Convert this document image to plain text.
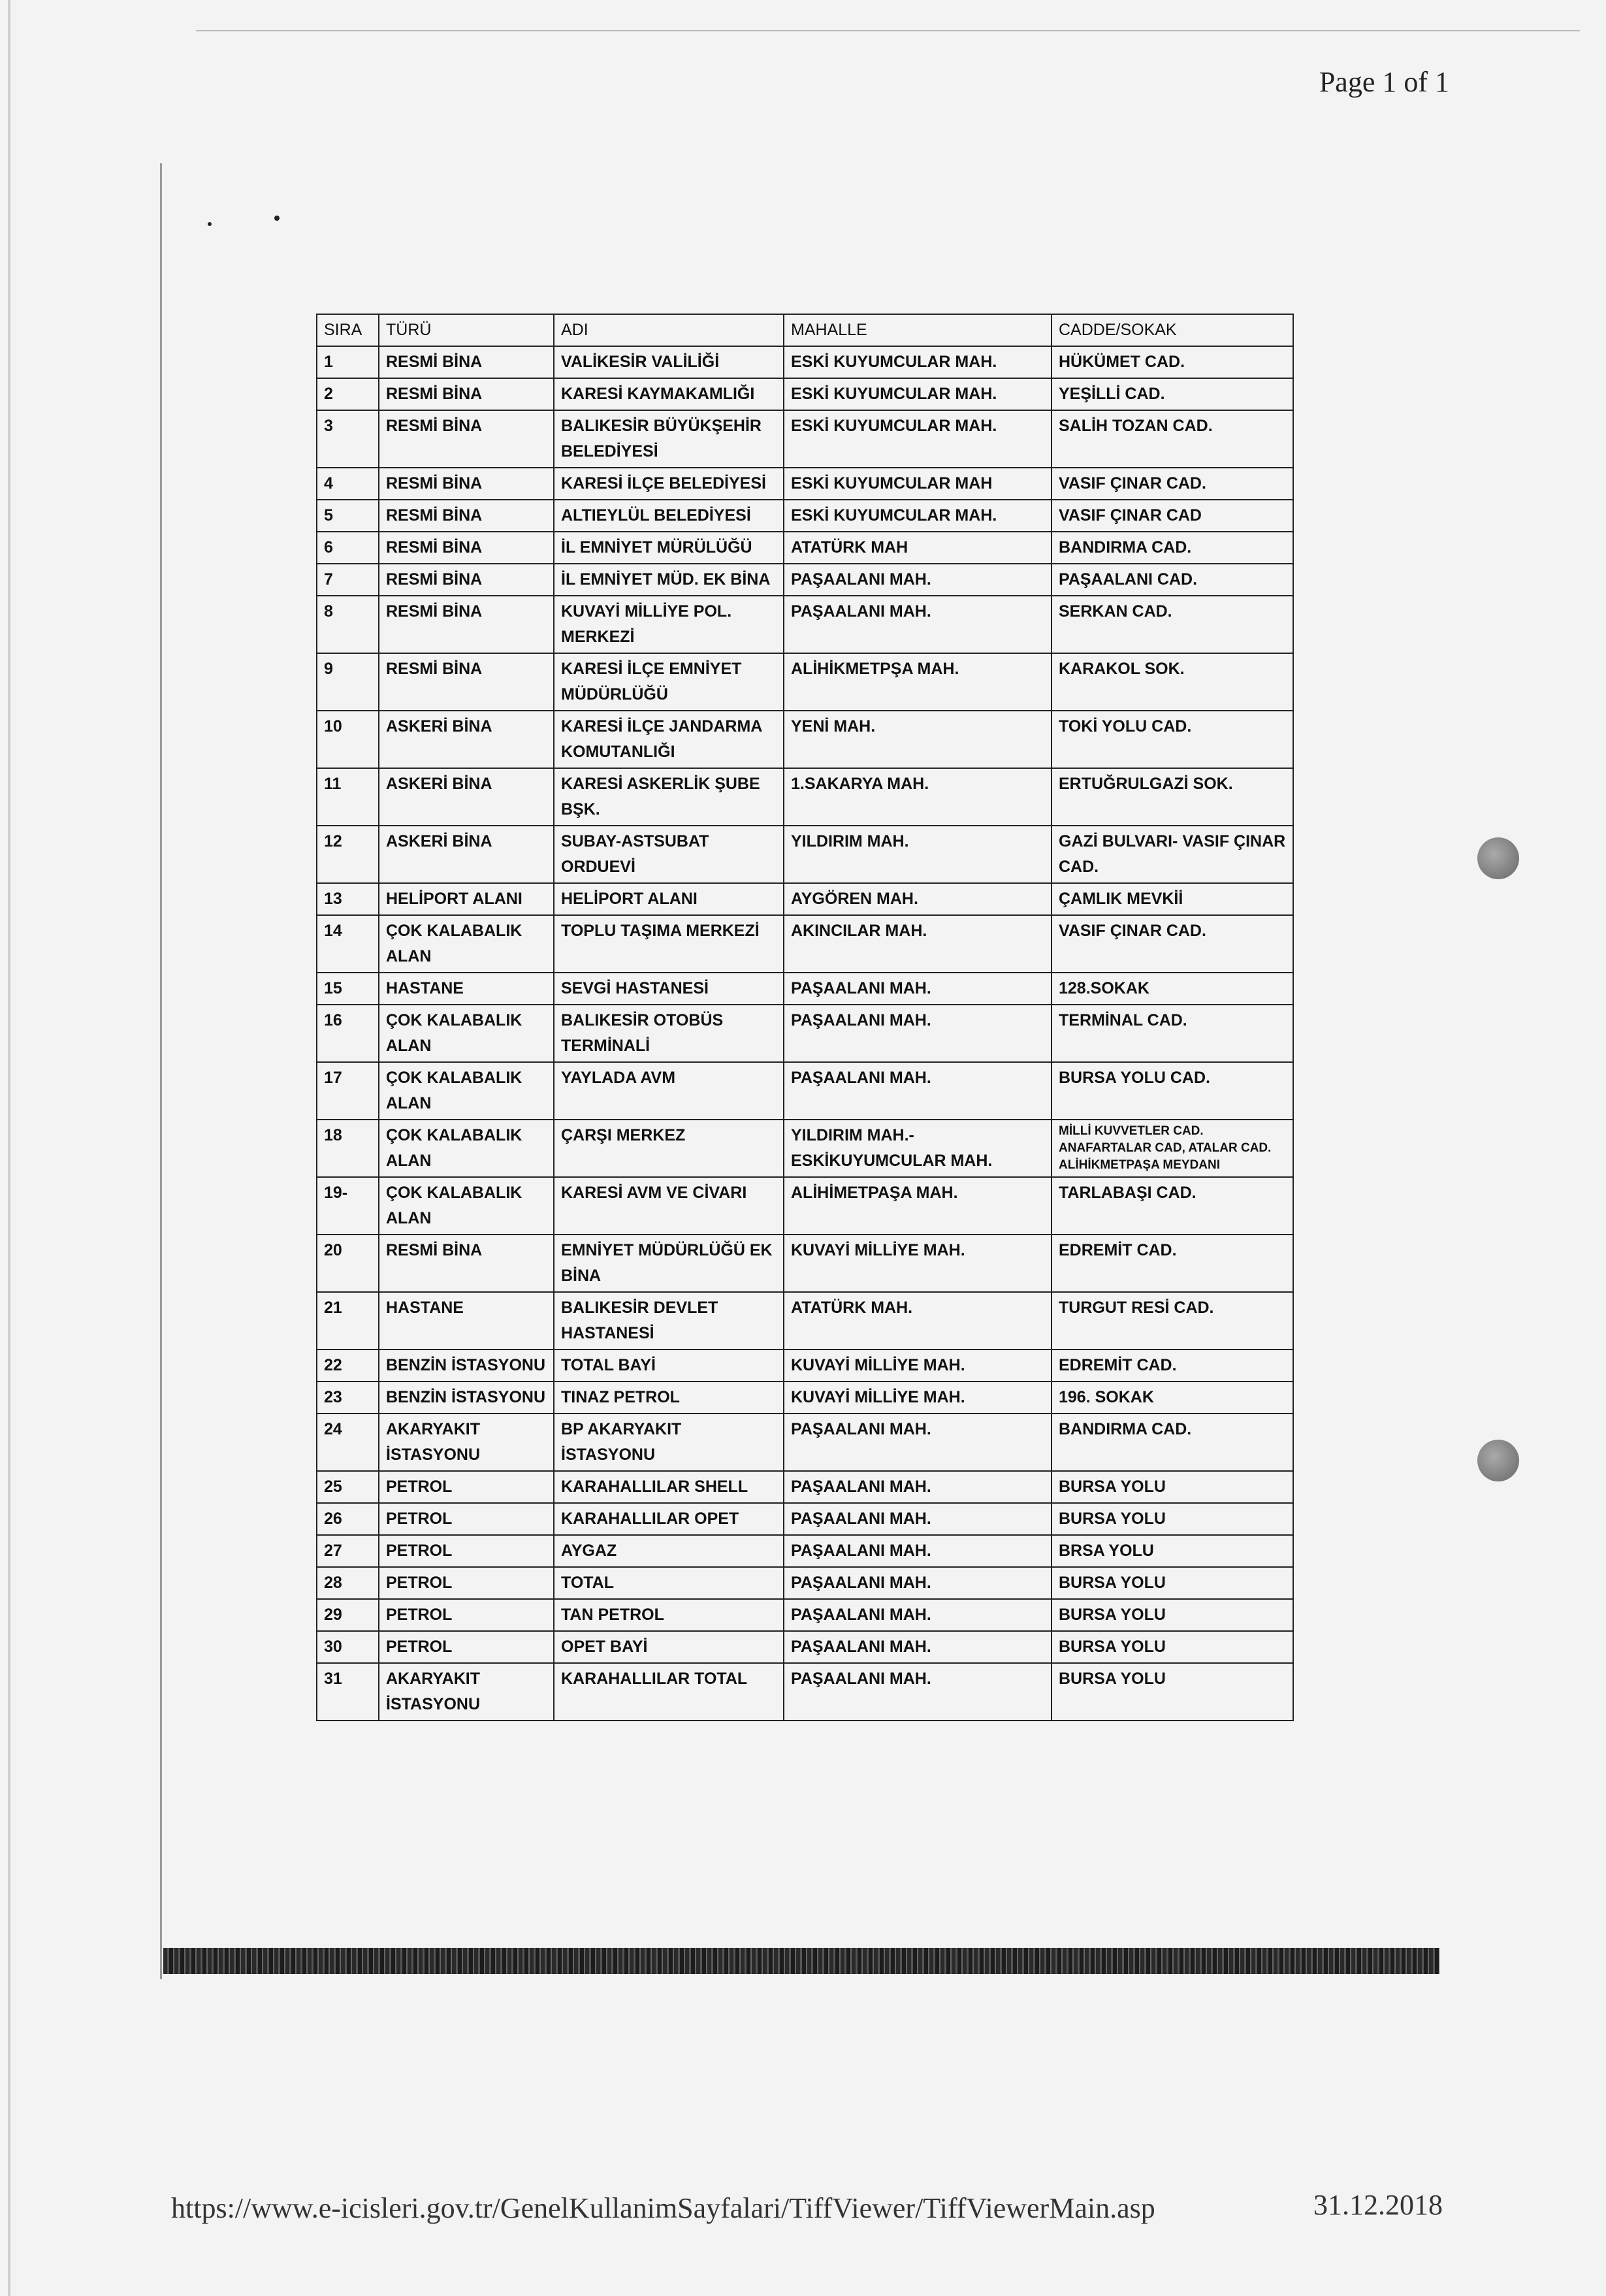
Page 1 of 1
SIRA	TÜRÜ	ADI	MAHALLE	CADDE/SOKAK
1	RESMİ BİNA	VALİKESİR VALİLİĞİ	ESKİ KUYUMCULAR MAH.	HÜKÜMET CAD.
2	RESMİ BİNA	KARESİ KAYMAKAMLIĞI	ESKİ KUYUMCULAR MAH.	YEŞİLLİ CAD.
3	RESMİ BİNA	BALIKESİR BÜYÜKŞEHİR BELEDİYESİ	ESKİ KUYUMCULAR MAH.	SALİH TOZAN CAD.
4	RESMİ BİNA	KARESİ İLÇE BELEDİYESİ	ESKİ KUYUMCULAR MAH	VASIF ÇINAR CAD.
5	RESMİ BİNA	ALTIEYLÜL BELEDİYESİ	ESKİ KUYUMCULAR MAH.	VASIF ÇINAR CAD
6	RESMİ BİNA	İL EMNİYET MÜRÜLÜĞÜ	ATATÜRK MAH	BANDIRMA CAD.
7	RESMİ BİNA	İL EMNİYET MÜD. EK BİNA	PAŞAALANI MAH.	PAŞAALANI CAD.
8	RESMİ BİNA	KUVAYİ MİLLİYE POL. MERKEZİ	PAŞAALANI MAH.	SERKAN CAD.
9	RESMİ BİNA	KARESİ İLÇE EMNİYET MÜDÜRLÜĞÜ	ALİHİKMETPŞA MAH.	KARAKOL SOK.
10	ASKERİ BİNA	KARESİ İLÇE JANDARMA KOMUTANLIĞI	YENİ MAH.	TOKİ YOLU CAD.
11	ASKERİ BİNA	KARESİ ASKERLİK ŞUBE BŞK.	1.SAKARYA MAH.	ERTUĞRULGAZİ SOK.
12	ASKERİ BİNA	SUBAY-ASTSUBAT ORDUEVİ	YILDIRIM MAH.	GAZİ BULVARI- VASIF ÇINAR CAD.
13	HELİPORT ALANI	HELİPORT ALANI	AYGÖREN MAH.	ÇAMLIK MEVKİİ
14	ÇOK KALABALIK ALAN	TOPLU TAŞIMA MERKEZİ	AKINCILAR MAH.	VASIF ÇINAR CAD.
15	HASTANE	SEVGİ HASTANESİ	PAŞAALANI MAH.	128.SOKAK
16	ÇOK KALABALIK ALAN	BALIKESİR OTOBÜS TERMİNALİ	PAŞAALANI MAH.	TERMİNAL CAD.
17	ÇOK KALABALIK ALAN	YAYLADA AVM	PAŞAALANI MAH.	BURSA YOLU CAD.
18	ÇOK KALABALIK ALAN	ÇARŞI MERKEZ	YILDIRIM MAH.- ESKİKUYUMCULAR MAH.	MİLLİ KUVVETLER CAD. ANAFARTALAR CAD, ATALAR CAD. ALİHİKMETPAŞA MEYDANI
19-	ÇOK KALABALIK ALAN	KARESİ AVM VE CİVARI	ALİHİMETPAŞA MAH.	TARLABAŞI CAD.
20	RESMİ BİNA	EMNİYET MÜDÜRLÜĞÜ EK BİNA	KUVAYİ MİLLİYE MAH.	EDREMİT CAD.
21	HASTANE	BALIKESİR DEVLET HASTANESİ	ATATÜRK MAH.	TURGUT RESİ CAD.
22	BENZİN İSTASYONU	TOTAL BAYİ	KUVAYİ MİLLİYE MAH.	EDREMİT CAD.
23	BENZİN İSTASYONU	TINAZ PETROL	KUVAYİ MİLLİYE MAH.	196. SOKAK
24	AKARYAKIT İSTASYONU	BP AKARYAKIT İSTASYONU	PAŞAALANI MAH.	BANDIRMA CAD.
25	PETROL	KARAHALLILAR SHELL	PAŞAALANI MAH.	BURSA YOLU
26	PETROL	KARAHALLILAR OPET	PAŞAALANI MAH.	BURSA YOLU
27	PETROL	AYGAZ	PAŞAALANI MAH.	BRSA YOLU
28	PETROL	TOTAL	PAŞAALANI MAH.	BURSA YOLU
29	PETROL	TAN PETROL	PAŞAALANI MAH.	BURSA YOLU
30	PETROL	OPET BAYİ	PAŞAALANI MAH.	BURSA YOLU
31	AKARYAKIT İSTASYONU	KARAHALLILAR TOTAL	PAŞAALANI MAH.	BURSA YOLU
https://www.e-icisleri.gov.tr/GenelKullanimSayfalari/TiffViewer/TiffViewerMain.asp	31.12.2018
